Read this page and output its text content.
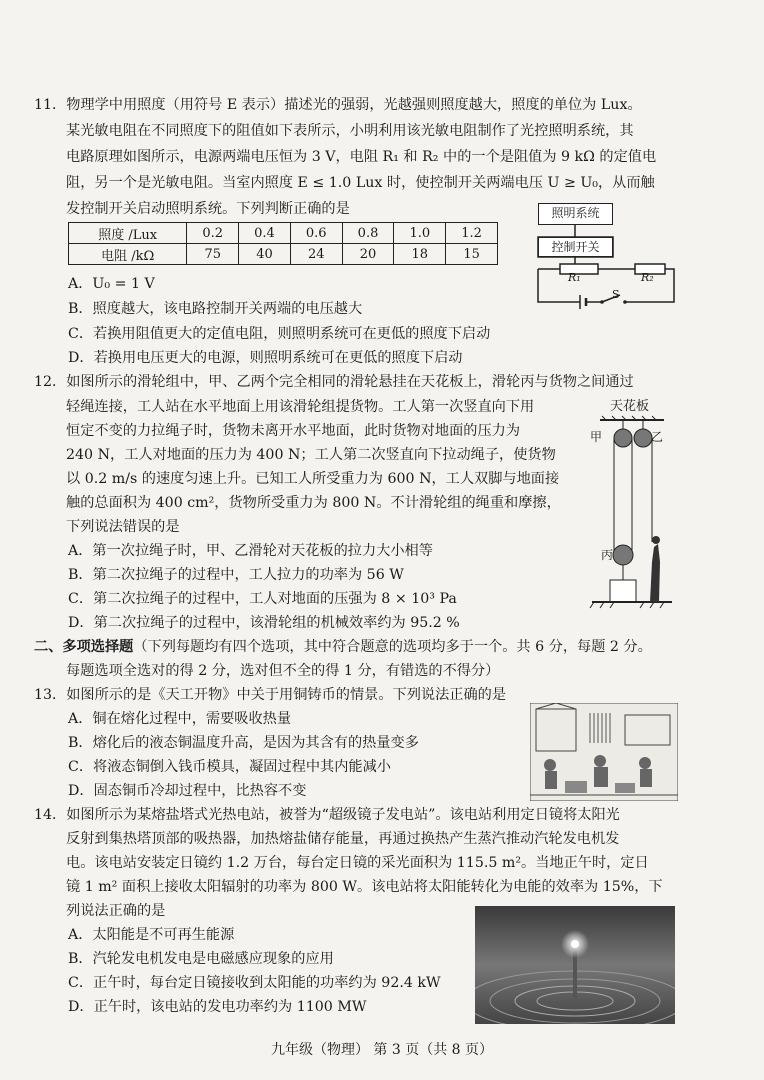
11．物理学中用照度（用符号 E 表示）描述光的强弱，光越强则照度越大，照度的单位为 Lux。
某光敏电阻在不同照度下的阻值如下表所示，小明利用该光敏电阻制作了光控照明系统，其
电路原理如图所示，电源两端电压恒为 3 V，电阻 R₁ 和 R₂ 中的一个是阻值为 9 kΩ 的定值电
阻，另一个是光敏电阻。当室内照度 E ≤ 1.0 Lux 时，使控制开关两端电压 U ≥ U₀，从而触
发控制开关启动照明系统。下列判断正确的是
照度 /Lux	0.2	0.4	0.6	0.8	1.0	1.2
电阻 /kΩ	75	40	24	20	18	15
照明系统
控制开关
R₁	R₂
S
A．U₀ = 1 V
B．照度越大，该电路控制开关两端的电压越大
C．若换用阻值更大的定值电阻，则照明系统可在更低的照度下启动
D．若换用电压更大的电源，则照明系统可在更低的照度下启动
12．如图所示的滑轮组中，甲、乙两个完全相同的滑轮悬挂在天花板上，滑轮丙与货物之间通过
轻绳连接，工人站在水平地面上用该滑轮组提货物。工人第一次竖直向下用
恒定不变的力拉绳子时，货物未离开水平地面，此时货物对地面的压力为
240 N，工人对地面的压力为 400 N；工人第二次竖直向下拉动绳子，使货物
以 0.2 m/s 的速度匀速上升。已知工人所受重力为 600 N，工人双脚与地面接
触的总面积为 400 cm²，货物所受重力为 800 N。不计滑轮组的绳重和摩擦，
下列说法错误的是
天花板
甲	乙
丙
A．第一次拉绳子时，甲、乙滑轮对天花板的拉力大小相等
B．第二次拉绳子的过程中，工人拉力的功率为 56 W
C．第二次拉绳子的过程中，工人对地面的压强为 8 × 10³ Pa
D．第二次拉绳子的过程中，该滑轮组的机械效率约为 95.2 %
二、多项选择题（下列每题均有四个选项，其中符合题意的选项均多于一个。共 6 分，每题 2 分。
每题选项全选对的得 2 分，选对但不全的得 1 分，有错选的不得分）
13．如图所示的是《天工开物》中关于用铜铸币的情景。下列说法正确的是
A．铜在熔化过程中，需要吸收热量
B．熔化后的液态铜温度升高，是因为其含有的热量变多
C．将液态铜倒入钱币模具，凝固过程中其内能减小
D．固态铜币冷却过程中，比热容不变
14．如图所示为某熔盐塔式光热电站，被誉为“超级镜子发电站”。该电站利用定日镜将太阳光
反射到集热塔顶部的吸热器，加热熔盐储存能量，再通过换热产生蒸汽推动汽轮发电机发
电。该电站安装定日镜约 1.2 万台，每台定日镜的采光面积为 115.5 m²。当地正午时，定日
镜 1 m² 面积上接收太阳辐射的功率为 800 W。该电站将太阳能转化为电能的效率为 15%，下
列说法正确的是
A．太阳能是不可再生能源
B．汽轮发电机发电是电磁感应现象的应用
C．正午时，每台定日镜接收到太阳能的功率约为 92.4 kW
D．正午时，该电站的发电功率约为 1100 MW
九年级（物理） 第 3 页（共 8 页）
